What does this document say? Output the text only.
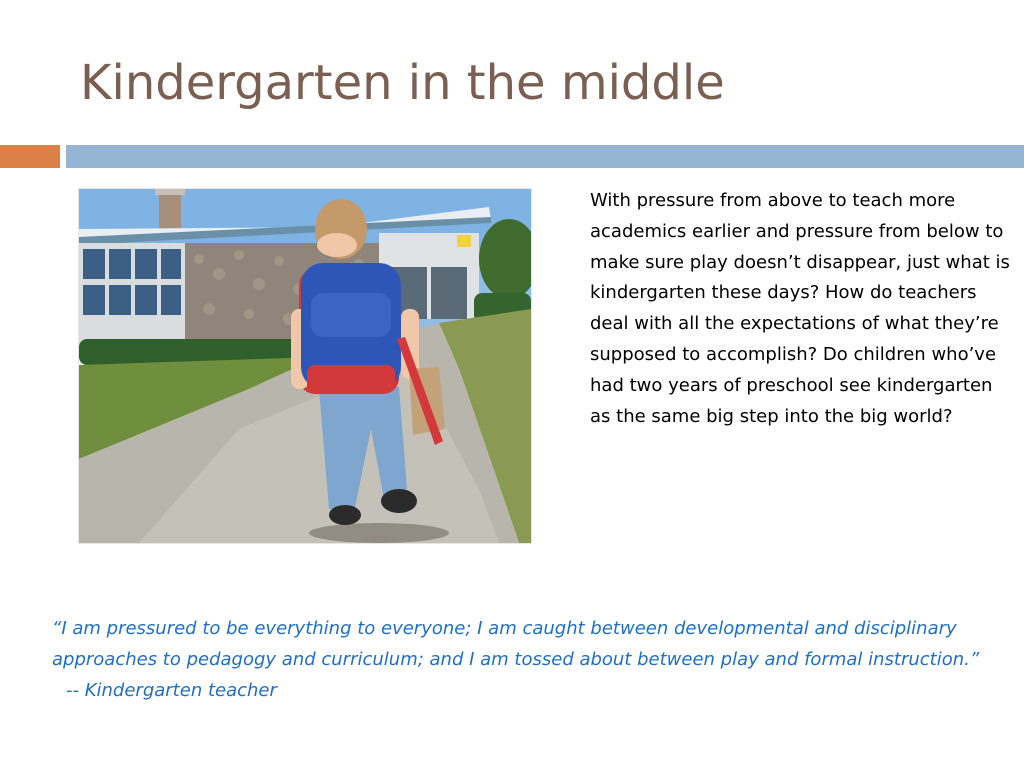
Kindergarten in the middle

With pressure from above to teach more academics earlier and pressure from below to make sure play doesn’t disappear, just what is kindergarten these days? How do teachers deal with all the expectations of what they’re supposed to accomplish? Do children who’ve had two years of preschool see kindergarten as the same big step into the big world?

“I am pressured to be everything to everyone; I am caught between developmental and disciplinary approaches to pedagogy and curriculum; and I am tossed about between play and formal instruction.”-- Kindergarten teacher
